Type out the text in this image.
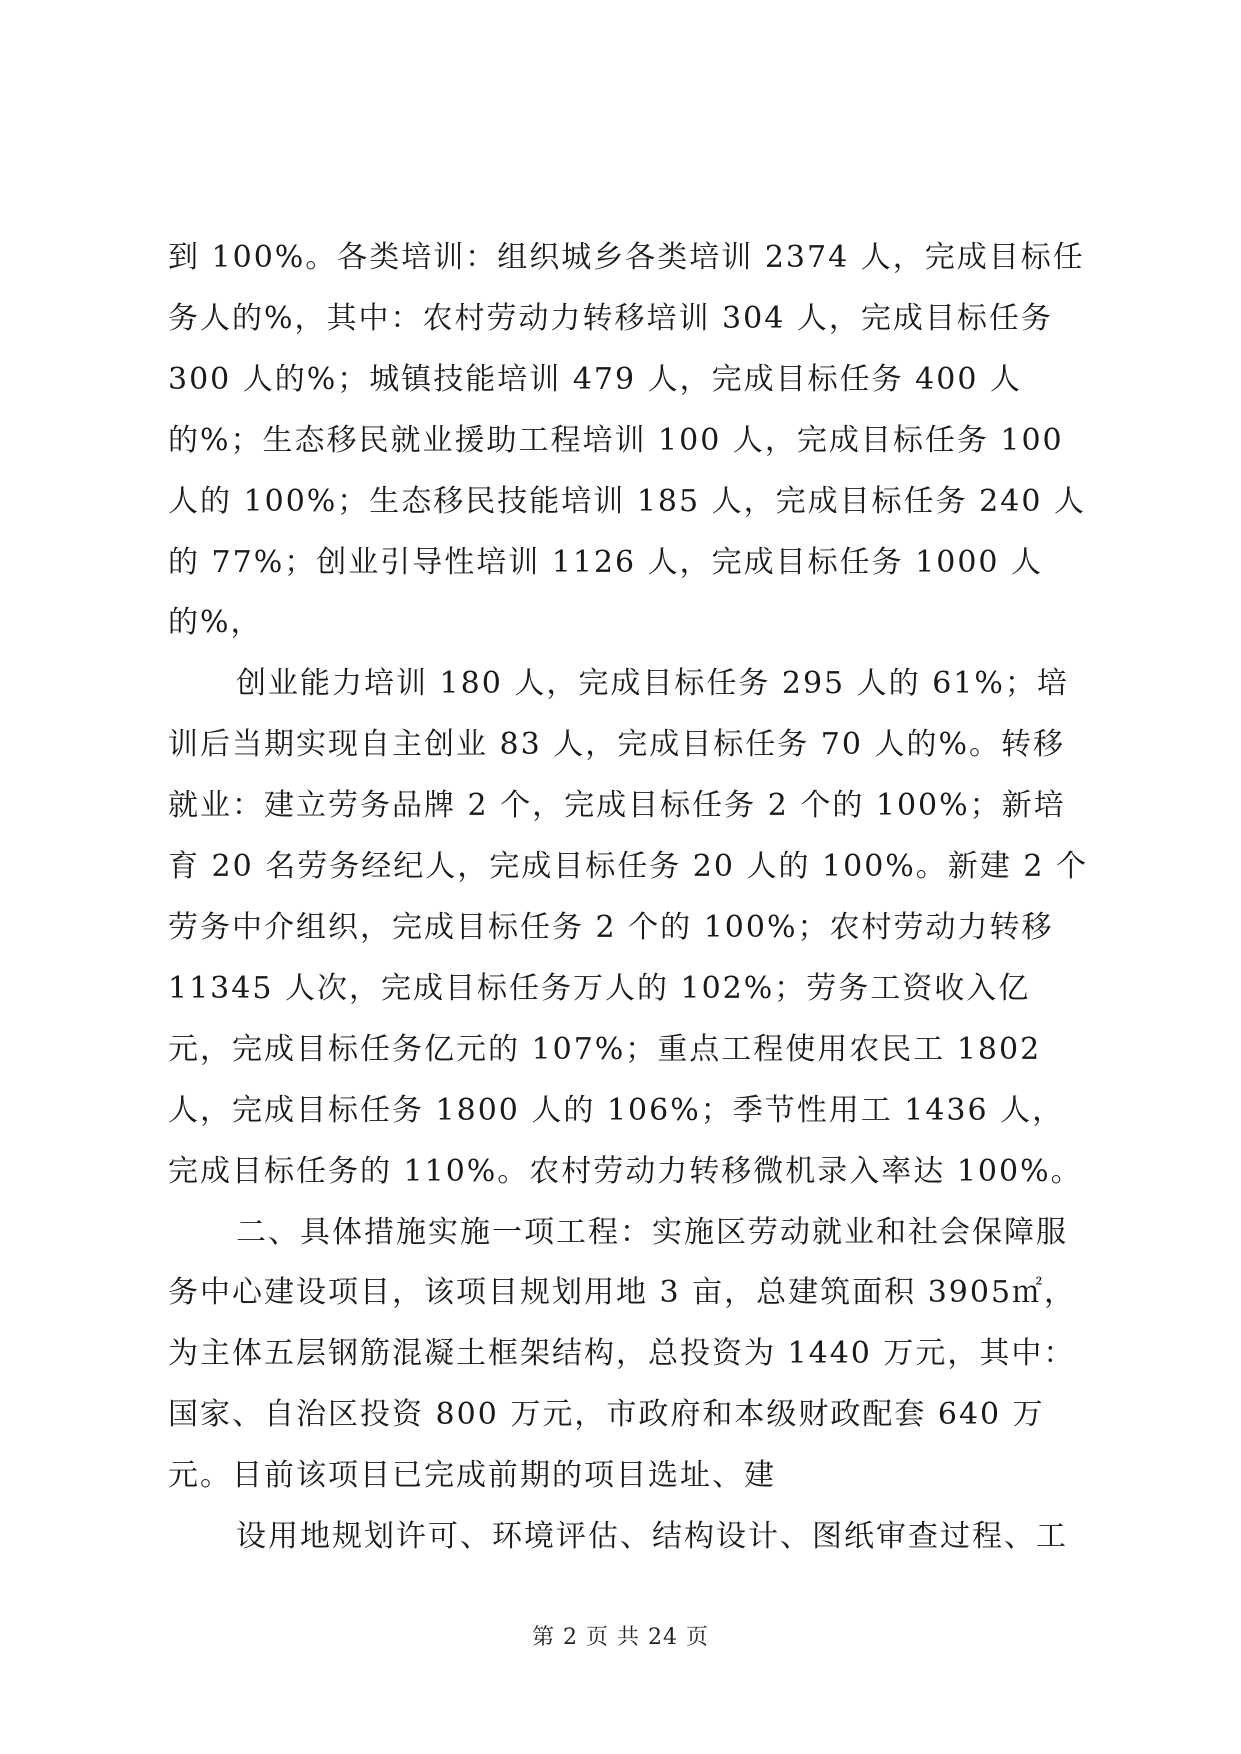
到 100%。各类培训：组织城乡各类培训 2374 人，完成目标任务人的%，其中：农村劳动力转移培训 304 人，完成目标任务 300 人的%；城镇技能培训 479 人，完成目标任务 400 人的%；生态移民就业援助工程培训 100 人，完成目标任务 100 人的 100%；生态移民技能培训 185 人，完成目标任务 240 人的 77%；创业引导性培训 1126 人，完成目标任务 1000 人的%，

创业能力培训 180 人，完成目标任务 295 人的 61%；培训后当期实现自主创业 83 人，完成目标任务 70 人的%。转移就业：建立劳务品牌 2 个，完成目标任务 2 个的 100%；新培育 20 名劳务经纪人，完成目标任务 20 人的 100%。新建 2 个劳务中介组织，完成目标任务 2 个的 100%；农村劳动力转移 11345 人次，完成目标任务万人的 102%；劳务工资收入亿元，完成目标任务亿元的 107%；重点工程使用农民工 1802 人，完成目标任务 1800 人的 106%；季节性用工 1436 人，完成目标任务的 110%。农村劳动力转移微机录入率达 100%。

二、具体措施实施一项工程：实施区劳动就业和社会保障服务中心建设项目，该项目规划用地 3 亩，总建筑面积 3905㎡，为主体五层钢筋混凝土框架结构，总投资为 1440 万元，其中：国家、自治区投资 800 万元，市政府和本级财政配套 640 万元。目前该项目已完成前期的项目选址、建

设用地规划许可、环境评估、结构设计、图纸审查过程、工

第 2 页 共 24 页
